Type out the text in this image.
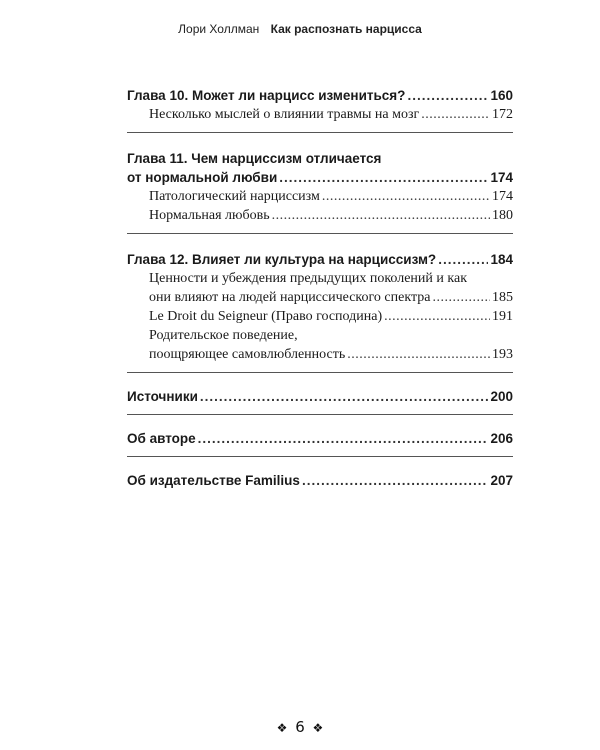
Лори Холлман Как распознать нарцисса
Глава 10. Может ли нарцисс измениться? .....	160
Несколько мыслей о влиянии травмы на мозг .....	172
Глава 11. Чем нарциссизм отличается
от нормальной любви .....	174
Патологический нарциссизм .....	174
Нормальная любовь .....	180
Глава 12. Влияет ли культура на нарциссизм? .....	184
Ценности и убеждения предыдущих поколений и как
они влияют на людей нарциссического спектра .....	185
Le Droit du Seigneur (Право господина) .....	191
Родительское поведение,
поощряющее самовлюбленность .....	193
Источники .....	200
Об авторе .....	206
Об издательстве Familius .....	207
❖ 6 ❖
